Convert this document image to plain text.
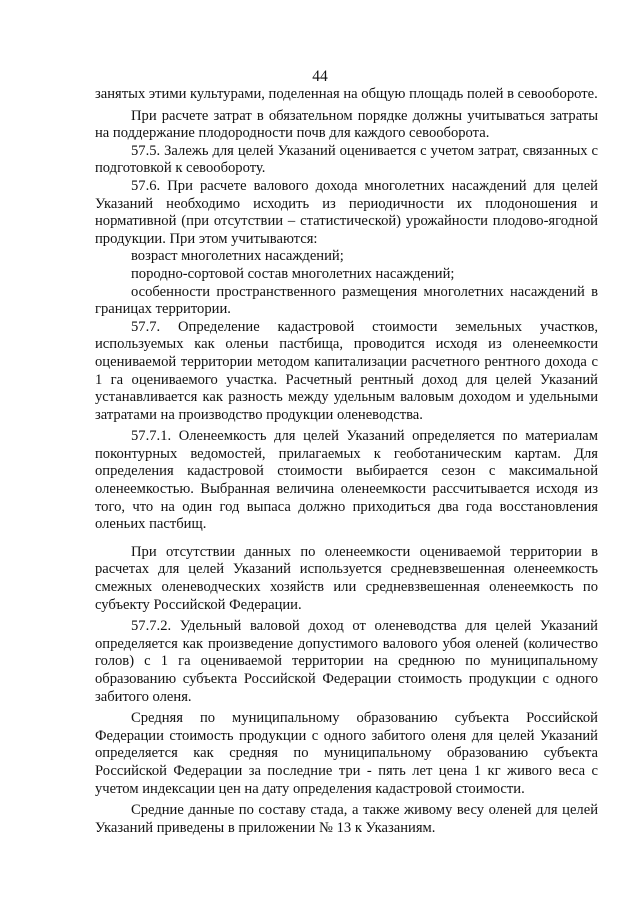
44

занятых этими культурами, поделенная на общую площадь полей в севообороте.

При расчете затрат в обязательном порядке должны учитываться затраты на поддержание плодородности почв для каждого севооборота.

57.5. Залежь для целей Указаний оценивается с учетом затрат, связанных с подготовкой к севообороту.

57.6. При расчете валового дохода многолетних насаждений для целей Указаний необходимо исходить из периодичности их плодоношения и нормативной (при отсутствии – статистической) урожайности плодово-ягодной продукции. При этом учитываются:

возраст многолетних насаждений;

породно-сортовой состав многолетних насаждений;

особенности пространственного размещения многолетних насаждений в границах территории.

57.7. Определение кадастровой стоимости земельных участков, используемых как оленьи пастбища, проводится исходя из оленеемкости оцениваемой территории методом капитализации расчетного рентного дохода с 1 га оцениваемого участка. Расчетный рентный доход для целей Указаний устанавливается как разность между удельным валовым доходом и удельными затратами на производство продукции оленеводства.

57.7.1. Оленеемкость для целей Указаний определяется по материалам поконтурных ведомостей, прилагаемых к геоботаническим картам. Для определения кадастровой стоимости выбирается сезон с максимальной оленеемкостью. Выбранная величина оленеемкости рассчитывается исходя из того, что на один год выпаса должно приходиться два года восстановления оленьих пастбищ.

При отсутствии данных по оленеемкости оцениваемой территории в расчетах для целей Указаний используется средневзвешенная оленеемкость смежных оленеводческих хозяйств или средневзвешенная оленеемкость по субъекту Российской Федерации.

57.7.2. Удельный валовой доход от оленеводства для целей Указаний определяется как произведение допустимого валового убоя оленей (количество голов) с 1 га оцениваемой территории на среднюю по муниципальному образованию субъекта Российской Федерации стоимость продукции с одного забитого оленя.

Средняя по муниципальному образованию субъекта Российской Федерации стоимость продукции с одного забитого оленя для целей Указаний определяется как средняя по муниципальному образованию субъекта Российской Федерации за последние три - пять лет цена 1 кг живого веса с учетом индексации цен на дату определения кадастровой стоимости.

Средние данные по составу стада, а также живому весу оленей для целей Указаний приведены в приложении № 13 к Указаниям.
